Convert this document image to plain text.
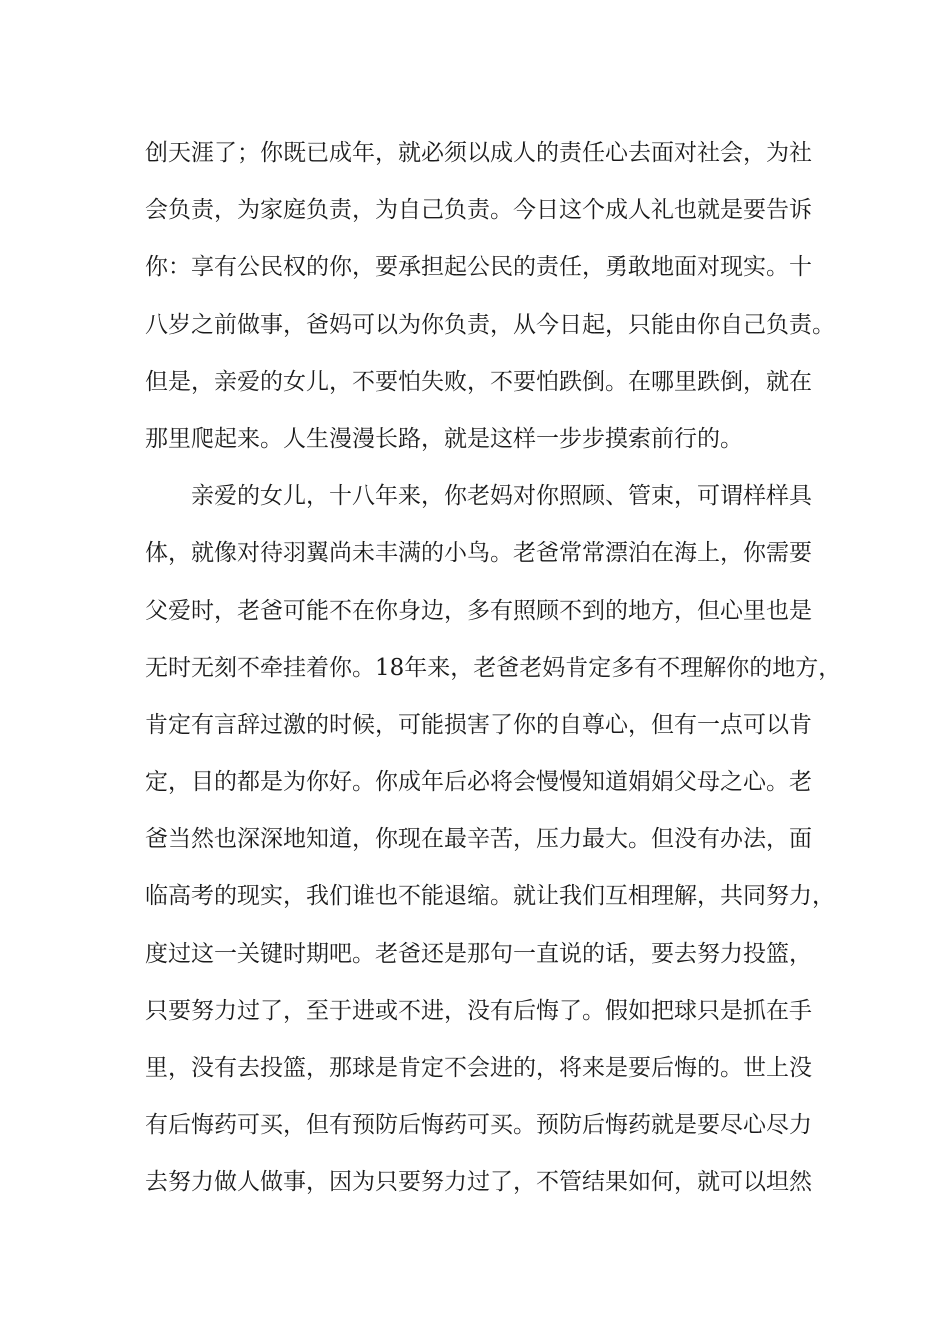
创天涯了；你既已成年，就必须以成人的责任心去面对社会，为社
会负责，为家庭负责，为自己负责。今日这个成人礼也就是要告诉
你：享有公民权的你，要承担起公民的责任，勇敢地面对现实。十
八岁之前做事，爸妈可以为你负责，从今日起，只能由你自己负责。
但是，亲爱的女儿，不要怕失败，不要怕跌倒。在哪里跌倒，就在
那里爬起来。人生漫漫长路，就是这样一步步摸索前行的。
亲爱的女儿，十八年来，你老妈对你照顾、管束，可谓样样具
体，就像对待羽翼尚未丰满的小鸟。老爸常常漂泊在海上，你需要
父爱时，老爸可能不在你身边，多有照顾不到的地方，但心里也是
无时无刻不牵挂着你。18年来，老爸老妈肯定多有不理解你的地方，
肯定有言辞过激的时候，可能损害了你的自尊心，但有一点可以肯
定，目的都是为你好。你成年后必将会慢慢知道娟娟父母之心。老
爸当然也深深地知道，你现在最辛苦，压力最大。但没有办法，面
临高考的现实，我们谁也不能退缩。就让我们互相理解，共同努力，
度过这一关键时期吧。老爸还是那句一直说的话，要去努力投篮，
只要努力过了，至于进或不进，没有后悔了。假如把球只是抓在手
里，没有去投篮，那球是肯定不会进的，将来是要后悔的。世上没
有后悔药可买，但有预防后悔药可买。预防后悔药就是要尽心尽力
去努力做人做事，因为只要努力过了，不管结果如何，就可以坦然
